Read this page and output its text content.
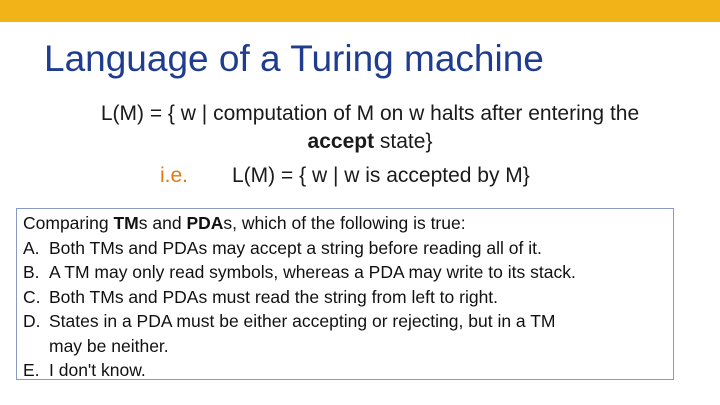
Language of a Turing machine
L(M) = { w | computation of M on w halts after entering the
accept state}
i.e. L(M) = { w | w is accepted by M}
Comparing TMs and PDAs, which of the following is true:
A. Both TMs and PDAs may accept a string before reading all of it.
B. A TM may only read symbols, whereas a PDA may write to its stack.
C. Both TMs and PDAs must read the string from left to right.
D. States in a PDA must be either accepting or rejecting, but in a TM
may be neither.
E. I don't know.
